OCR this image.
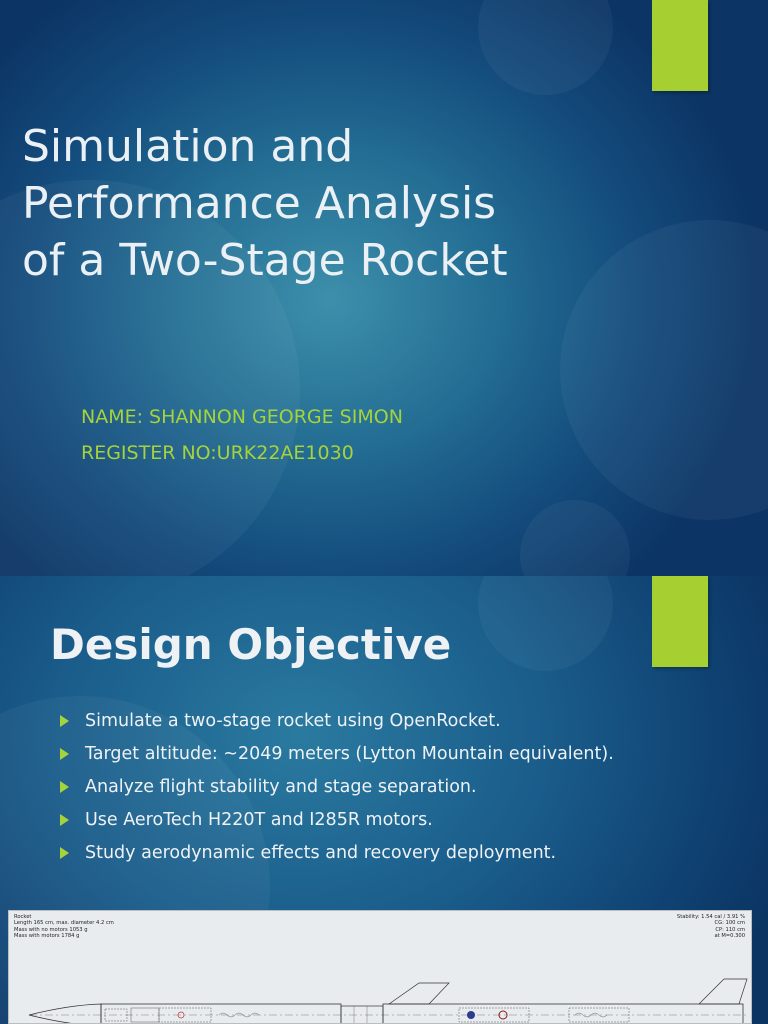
Simulation and
Performance Analysis
of a Two-Stage Rocket

NAME: SHANNON GEORGE SIMON

REGISTER NO:URK22AE1030

Design Objective
Simulate a two-stage rocket using OpenRocket.
Target altitude: ~2049 meters (Lytton Mountain equivalent).
Analyze flight stability and stage separation.
Use AeroTech H220T and I285R motors.
Study aerodynamic effects and recovery deployment.
Rocket
Length 165 cm, max. diameter 4.2 cm
Mass with no motors 1053 g
Mass with motors 1784 g
Stability: 1.54 cal / 3.91 %
CG: 100 cm
CP: 110 cm
at M=0.300
